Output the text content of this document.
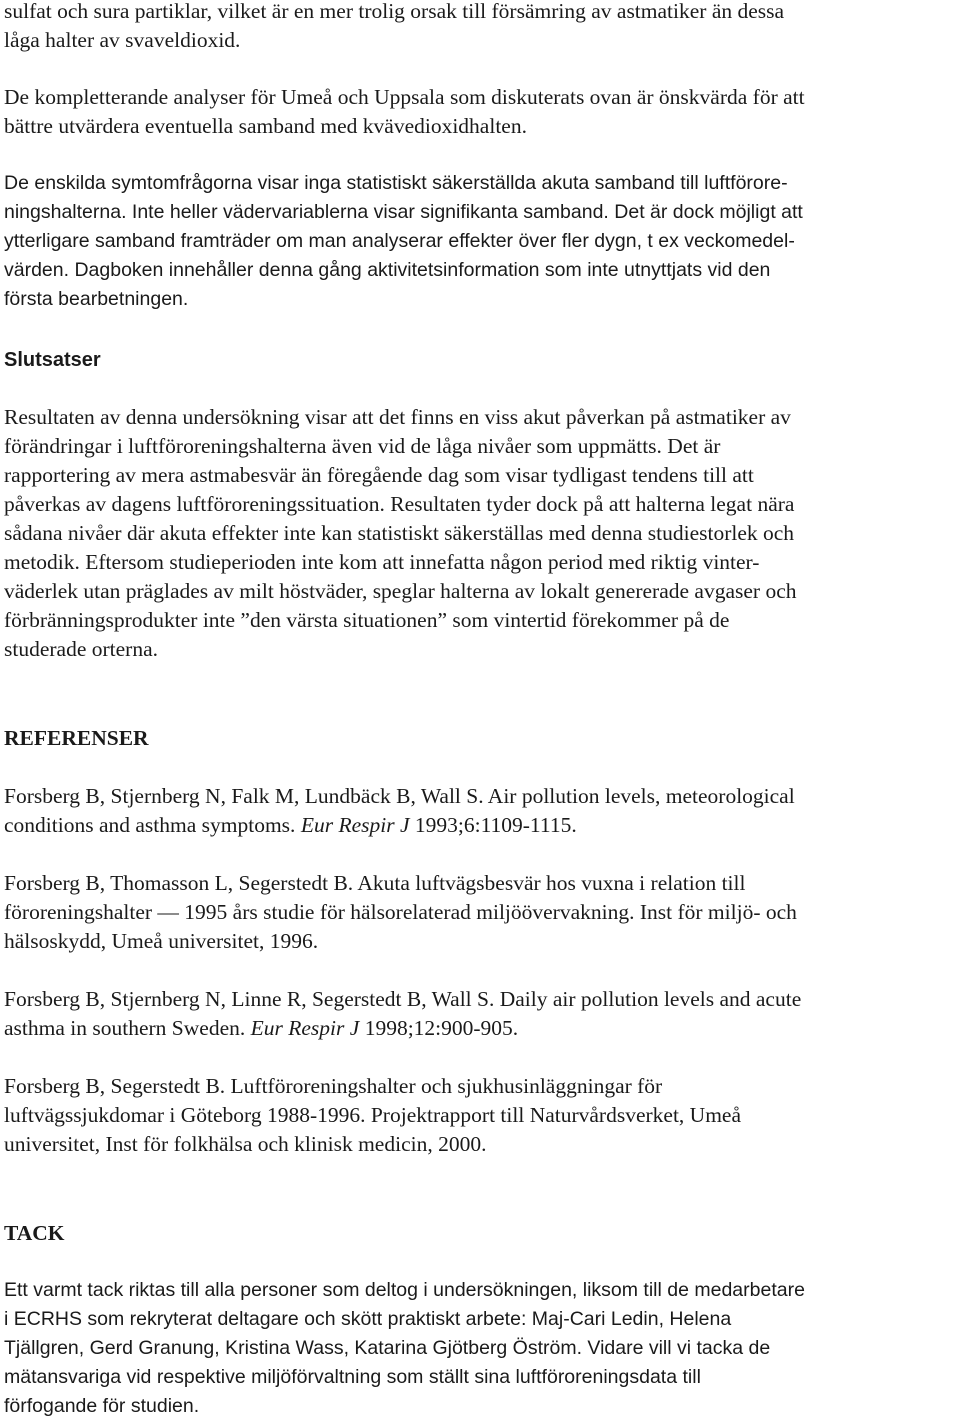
sulfat och sura partiklar, vilket är en mer trolig orsak till försämring av astmatiker än dessa
låga halter av svaveldioxid.

De kompletterande analyser för Umeå och Uppsala som diskuterats ovan är önskvärda för att
bättre utvärdera eventuella samband med kvävedioxidhalten.

De enskilda symtomfrågorna visar inga statistiskt säkerställda akuta samband till luftförore-
ningshalterna. Inte heller vädervariablerna visar signifikanta samband. Det är dock möjligt att
ytterligare samband framträder om man analyserar effekter över fler dygn, t ex veckomedel-
värden. Dagboken innehåller denna gång aktivitetsinformation som inte utnyttjats vid den
första bearbetningen.

Slutsatser

Resultaten av denna undersökning visar att det finns en viss akut påverkan på astmatiker av
förändringar i luftföroreningshalterna även vid de låga nivåer som uppmätts. Det är
rapportering av mera astmabesvär än föregående dag som visar tydligast tendens till att
påverkas av dagens luftföroreningssituation. Resultaten tyder dock på att halterna legat nära
sådana nivåer där akuta effekter inte kan statistiskt säkerställas med denna studiestorlek och
metodik. Eftersom studieperioden inte kom att innefatta någon period med riktig vinter-
väderlek utan präglades av milt höstväder, speglar halterna av lokalt genererade avgaser och
förbränningsprodukter inte ”den värsta situationen” som vintertid förekommer på de
studerade orterna.

REFERENSER

Forsberg B, Stjernberg N, Falk M, Lundbäck B, Wall S. Air pollution levels, meteorological
conditions and asthma symptoms. Eur Respir J 1993;6:1109-1115.

Forsberg B, Thomasson L, Segerstedt B. Akuta luftvägsbesvär hos vuxna i relation till
föroreningshalter — 1995 års studie för hälsorelaterad miljöövervakning. Inst för miljö- och
hälsoskydd, Umeå universitet, 1996.

Forsberg B, Stjernberg N, Linne R, Segerstedt B, Wall S. Daily air pollution levels and acute
asthma in southern Sweden. Eur Respir J 1998;12:900-905.

Forsberg B, Segerstedt B. Luftföroreningshalter och sjukhusinläggningar för
luftvägssjukdomar i Göteborg 1988-1996. Projektrapport till Naturvårdsverket, Umeå
universitet, Inst för folkhälsa och klinisk medicin, 2000.

TACK

Ett varmt tack riktas till alla personer som deltog i undersökningen, liksom till de medarbetare
i ECRHS som rekryterat deltagare och skött praktiskt arbete: Maj-Cari Ledin, Helena
Tjällgren, Gerd Granung, Kristina Wass, Katarina Gjötberg Öström. Vidare vill vi tacka de
mätansvariga vid respektive miljöförvaltning som ställt sina luftföroreningsdata till
förfogande för studien.
